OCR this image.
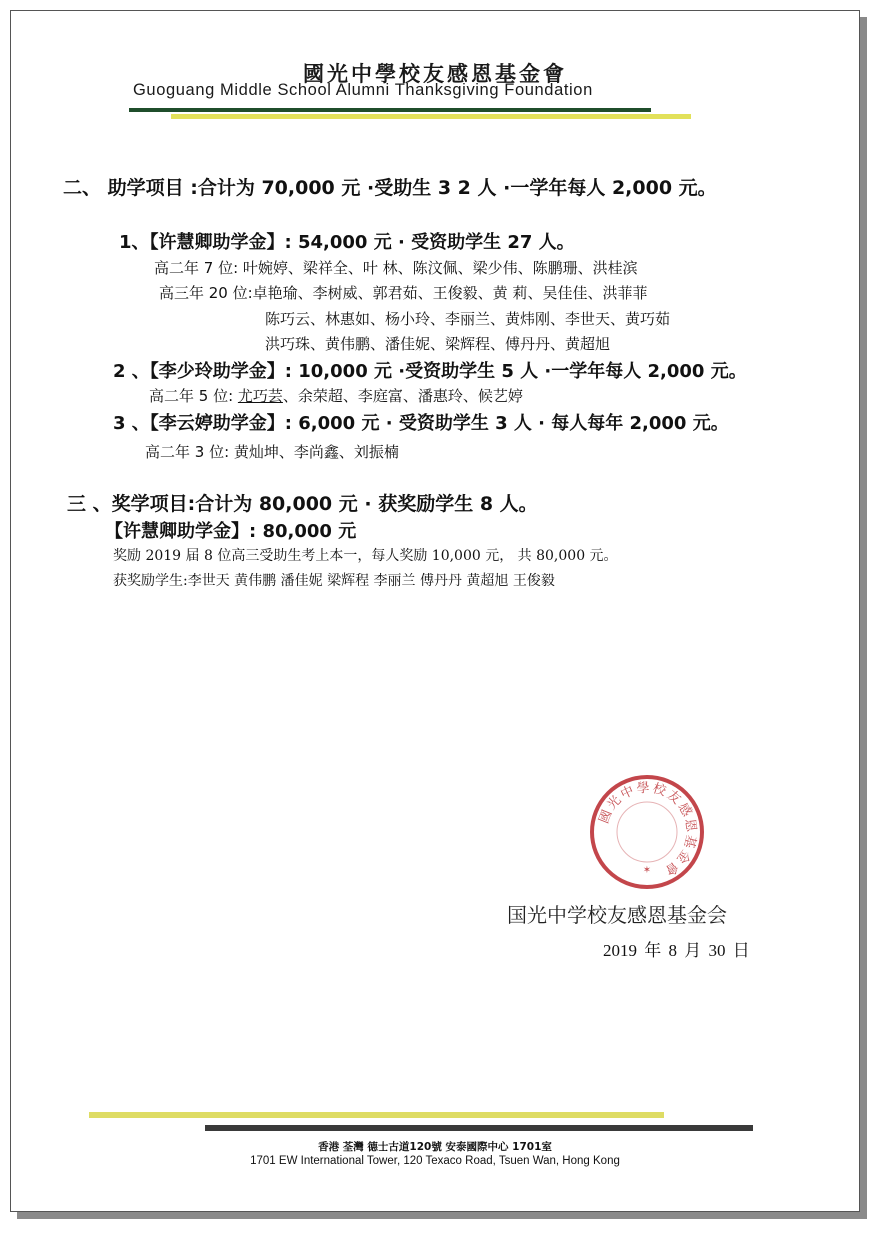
國光中學校友感恩基金會
Guoguang Middle School Alumni Thanksgiving Foundation
二、 助学项目 :合计为 70,000 元 ·受助生 3 2 人 ·一学年每人 2,000 元。
1、【许慧卿助学金】: 54,000 元 · 受资助学生 27 人。
高二年 7 位: 叶婉婷、梁祥全、叶 林、陈汶佩、梁少伟、陈鹏珊、洪桂滨
高三年 20 位:卓艳瑜、李树威、郭君茹、王俊毅、黄 莉、吴佳佳、洪菲菲
陈巧云、林惠如、杨小玲、李丽兰、黄炜刚、李世天、黄巧茹
洪巧珠、黄伟鹏、潘佳妮、梁辉程、傅丹丹、黄超旭
2 、【李少玲助学金】: 10,000 元 ·受资助学生 5 人 ·一学年每人 2,000 元。
高二年 5 位: 尤巧芸、余荣超、李庭富、潘惠玲、候艺婷
3 、【李云婷助学金】: 6,000 元 · 受资助学生 3 人 · 每人每年 2,000 元。
高二年 3 位: 黄灿坤、李尚鑫、刘振楠
三 、奖学项目:合计为 80,000 元 · 获奖励学生 8 人。
【许慧卿助学金】: 80,000 元
奖励 2019 届 8 位高三受助生考上本一，每人奖励 10,000 元， 共 80,000 元。
获奖励学生:李世天 黄伟鹏 潘佳妮 梁辉程 李丽兰 傅丹丹 黄超旭 王俊毅
國光中學校友感恩基金會
✶
国光中学校友感恩基金会
2019 年 8 月 30 日
香港 荃灣 德士古道120號 安泰國際中心 1701室
1701 EW International Tower, 120 Texaco Road, Tsuen Wan, Hong Kong
